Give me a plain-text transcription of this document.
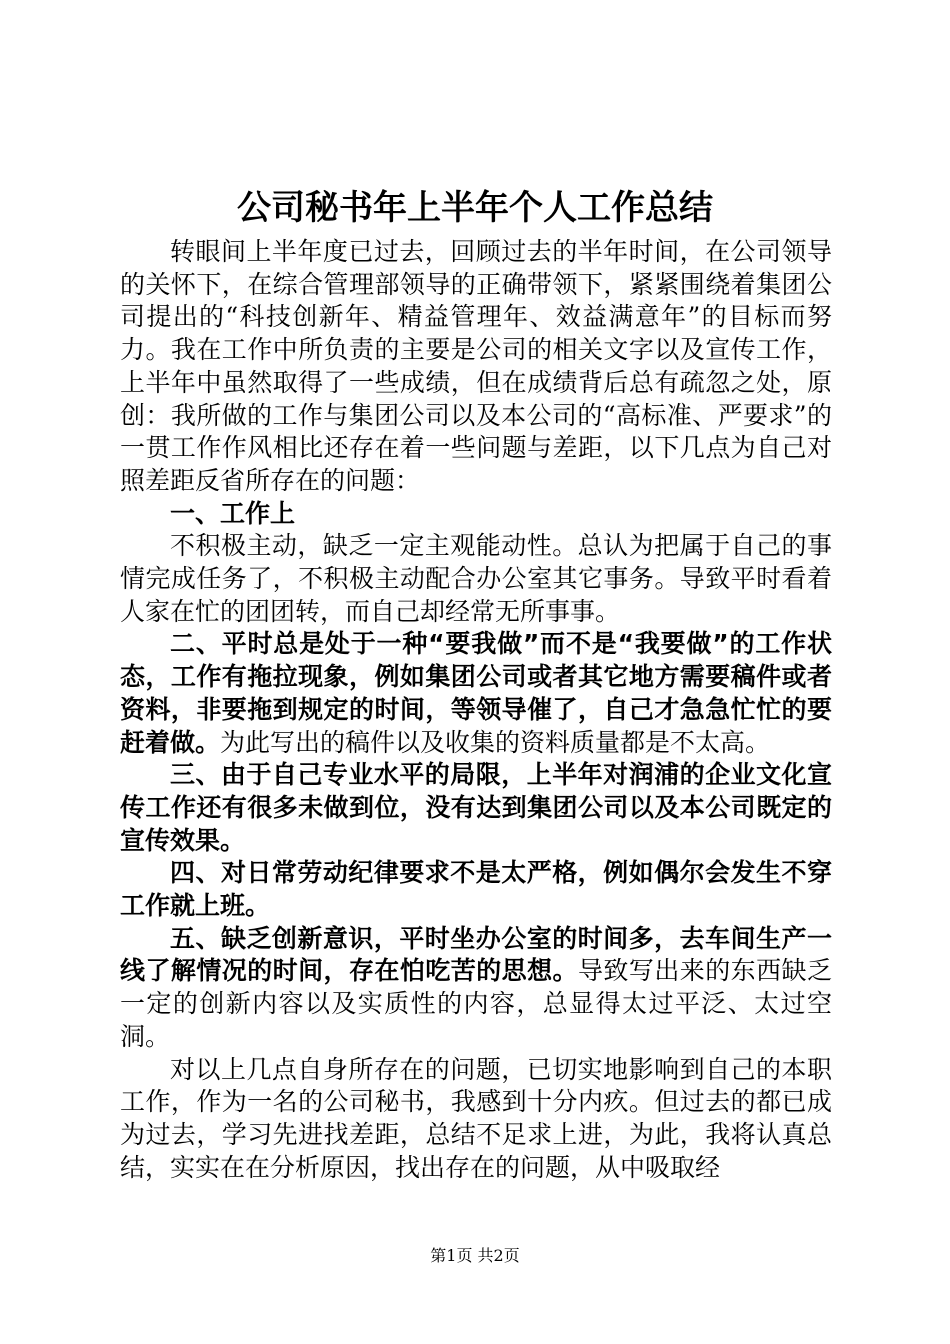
公司秘书年上半年个人工作总结

转眼间上半年度已过去，回顾过去的半年时间，在公司领导的关怀下，在综合管理部领导的正确带领下，紧紧围绕着集团公司提出的“科技创新年、精益管理年、效益满意年”的目标而努力。我在工作中所负责的主要是公司的相关文字以及宣传工作，上半年中虽然取得了一些成绩，但在成绩背后总有疏忽之处，原创：我所做的工作与集团公司以及本公司的“高标准、严要求”的一贯工作作风相比还存在着一些问题与差距，以下几点为自己对照差距反省所存在的问题：

一、工作上

不积极主动，缺乏一定主观能动性。总认为把属于自己的事情完成任务了，不积极主动配合办公室其它事务。导致平时看着人家在忙的团团转，而自己却经常无所事事。

二、平时总是处于一种“要我做”而不是“我要做”的工作状态，工作有拖拉现象，例如集团公司或者其它地方需要稿件或者资料，非要拖到规定的时间，等领导催了，自己才急急忙忙的要赶着做。为此写出的稿件以及收集的资料质量都是不太高。

三、由于自己专业水平的局限，上半年对润浦的企业文化宣传工作还有很多未做到位，没有达到集团公司以及本公司既定的宣传效果。

四、对日常劳动纪律要求不是太严格，例如偶尔会发生不穿工作就上班。

五、缺乏创新意识，平时坐办公室的时间多，去车间生产一线了解情况的时间，存在怕吃苦的思想。导致写出来的东西缺乏一定的创新内容以及实质性的内容，总显得太过平泛、太过空洞。

对以上几点自身所存在的问题，已切实地影响到自己的本职工作，作为一名的公司秘书，我感到十分内疚。但过去的都已成为过去，学习先进找差距，总结不足求上进，为此，我将认真总结，实实在在分析原因，找出存在的问题，从中吸取经

第1页 共2页
